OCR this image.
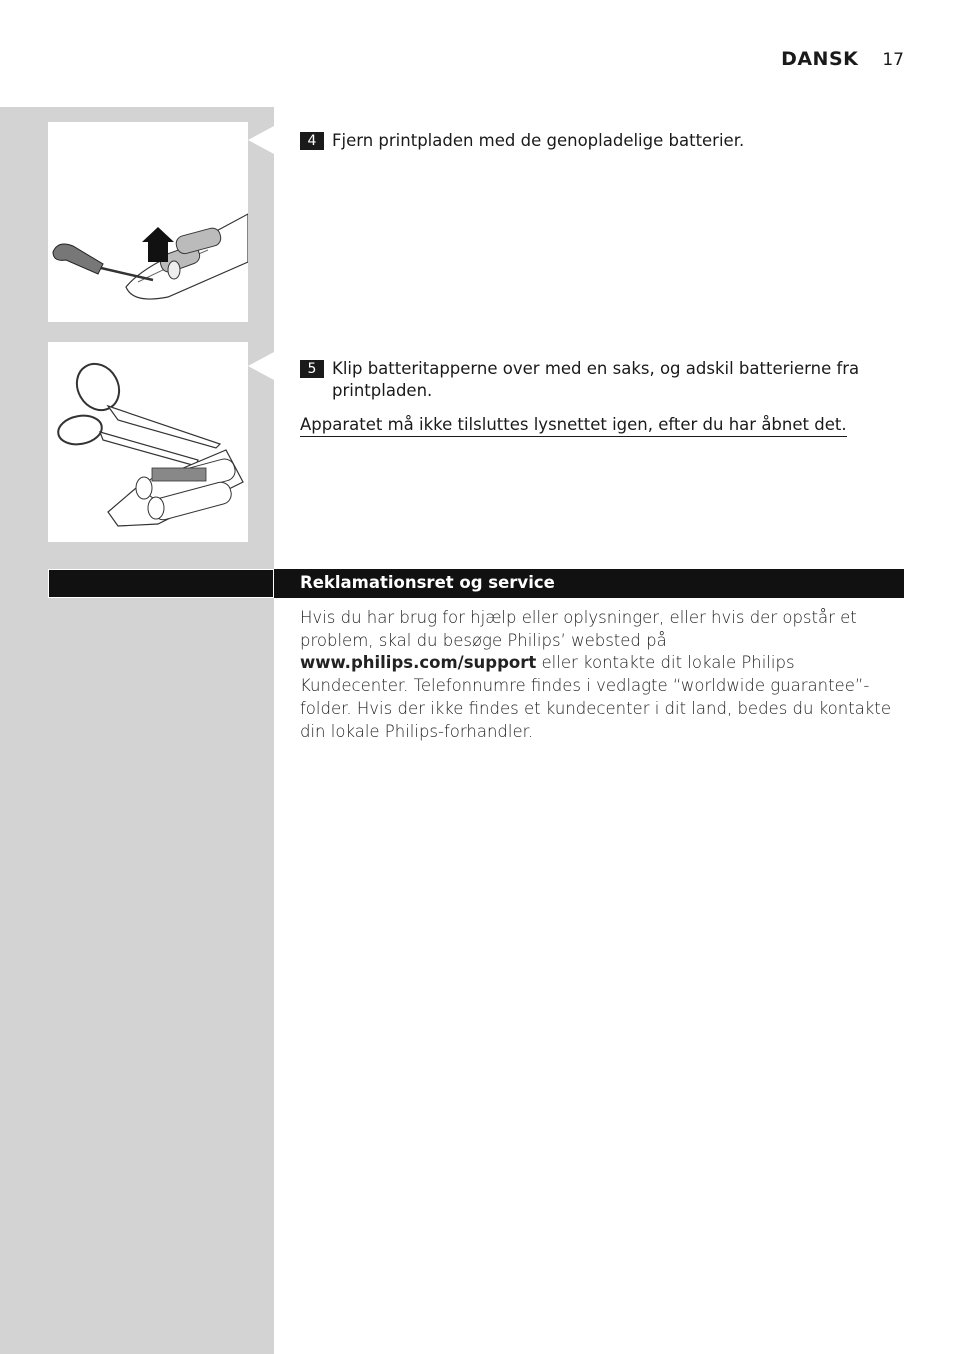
DANSK 17
4 Fjern printpladen med de genopladelige batterier.
5 Klip batteritapperne over med en saks, og adskil batterierne fra printpladen.
Apparatet må ikke tilsluttes lysnettet igen, efter du har åbnet det.
Reklamationsret og service
Hvis du har brug for hjælp eller oplysninger, eller hvis der opstår et problem, skal du besøge Philips’ websted på www.philips.com/support eller kontakte dit lokale Philips Kundecenter. Telefonnumre findes i vedlagte “worldwide guarantee”-folder. Hvis der ikke findes et kundecenter i dit land, bedes du kontakte din lokale Philips-forhandler.
